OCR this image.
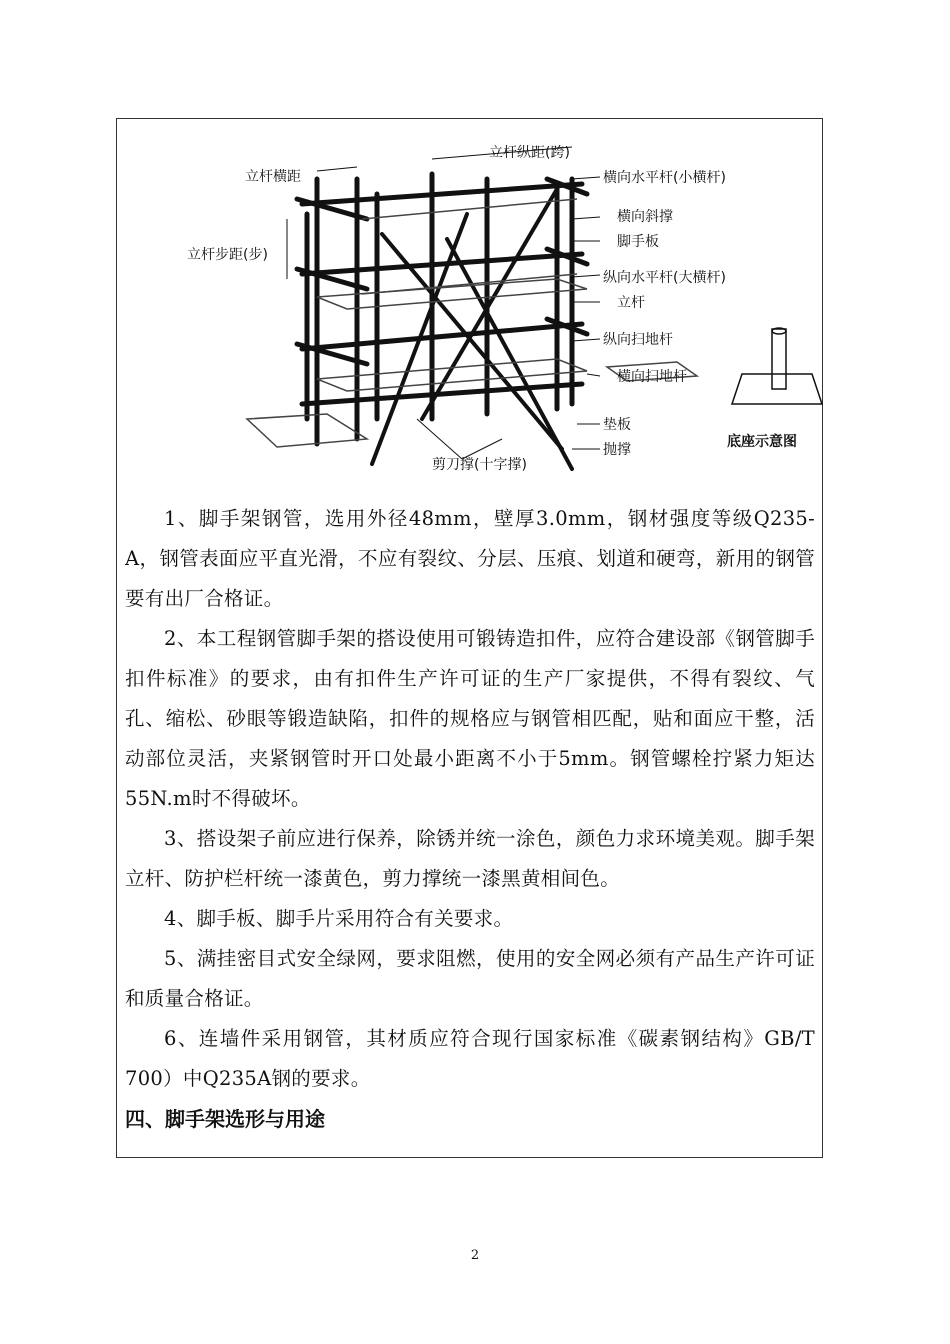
立杆横距
立杆纵距(跨)
立杆步距(步)
横向水平杆(小横杆)
横向斜撑
脚手板
纵向水平杆(大横杆)
立杆
纵向扫地杆
横向扫地杆
垫板
抛撑
剪刀撑(十字撑)
底座示意图

1、脚手架钢管，选用外径48mm，壁厚3.0mm，钢材强度等级Q235-A，钢管表面应平直光滑，不应有裂纹、分层、压痕、划道和硬弯，新用的钢管要有出厂合格证。

2、本工程钢管脚手架的搭设使用可锻铸造扣件，应符合建设部《钢管脚手扣件标准》的要求，由有扣件生产许可证的生产厂家提供，不得有裂纹、气孔、缩松、砂眼等锻造缺陷，扣件的规格应与钢管相匹配，贴和面应干整，活动部位灵活，夹紧钢管时开口处最小距离不小于5mm。钢管螺栓拧紧力矩达55N.m时不得破坏。

3、搭设架子前应进行保养，除锈并统一涂色，颜色力求环境美观。脚手架立杆、防护栏杆统一漆黄色，剪力撑统一漆黑黄相间色。

4、脚手板、脚手片采用符合有关要求。

5、满挂密目式安全绿网，要求阻燃，使用的安全网必须有产品生产许可证和质量合格证。

6、连墙件采用钢管，其材质应符合现行国家标准《碳素钢结构》GB/T 700）中Q235A钢的要求。

四、脚手架选形与用途

2
